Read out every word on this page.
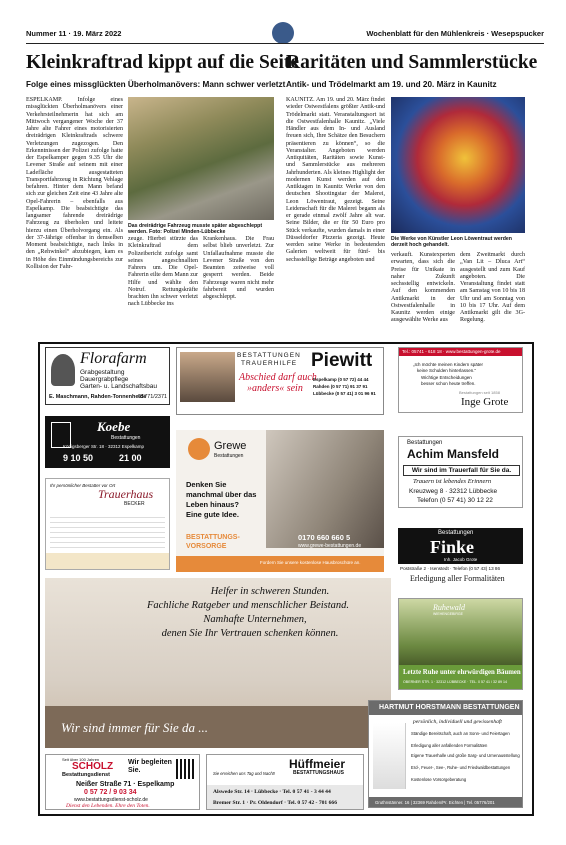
Nummer 11 · 19. März 2022	Wochenblatt für den Mühlenkreis · Wesерspucker
Kleinkraftrad kippt auf die Seite
Folge eines missglückten Überholmanövers: Mann schwer verletzt
ESPELKAMP. Infolge eines missglückten Überholmanövers einer Verkehrsteilnehmerin hat sich am Mittwoch vergangener Woche der 37 Jahre alte Fahrer eines motorisierten dreirädrigen Kleinkraftrads schwere Verletzungen zugezogen. Den Erkenntnissen der Polizei zufolge hatte der Espelkamper gegen 9.35 Uhr die Levener Straße auf seinem mit einer Ladefläche ausgestatteten Transportfahrzeug in Richtung Vehlage befahren. Hinter dem Mann befand sich zur gleichen Zeit eine 43 Jahre alte Opel-Fahrerin – ebenfalls aus Espelkamp. Die beabsichtigte das langsamer fahrende dreirädrige Fahrzeug zu überholen und leitete hierzu einen Überholvorgang ein. Als der 37-Jährige offenbar in demselben Moment beabsichtigte, nach links in den „Rehwinkel“ abzubiegen, kam es in Höhe des Einmündungsbereichs zur Kollision der Fahr-
Das dreirädrige Fahrzeug musste später abgeschleppt werden. Foto: Polizei Minden-Lübbecke
zeuge. Hierbei stürzte das Kleinkraftrad dem Polizeibericht zufolge samt seines angeschnallten Fahrers um. Die Opel-Fahrerin eilte dem Mann zur Hilfe und wählte den Notruf. Rettungskräfte brachten ihn schwer verletzt nach Lübbecke ins
Krankenhaus. Die Frau selbst blieb unverletzt. Zur Unfallaufnahme musste die Levener Straße von den Beamten zeitweise voll gesperrt werden. Beide Fahrzeuge waren nicht mehr fahrbereit und wurden abgeschleppt.
Raritäten und Sammlerstücke
Antik- und Trödelmarkt am 19. und 20. März in Kaunitz
KAUNITZ. Am 19. und 20. März findet wieder Ostwestfalens größter Antik-und Trödelmarkt statt. Veranstaltungsort ist die Ostwestfalenhalle Kaunitz. „Viele Händler aus dem In- und Ausland freuen sich, Ihre Schätze den Besuchern präsentieren zu können“, so die Veranstalter. Angeboten werden Antiquitäten, Raritäten sowie Kunst- und Sammlerstücke aus mehreren Jahrhunderten. Als kleines Highlight der modernen Kunst werden auf den Antiktagen in Kaunitz Werke von den deutschen Shootingstar der Malerei, Leon Löwentraut, gezeigt. Seine Leidenschaft für die Malerei begann als er gerade einmal zwölf Jahre alt war. Seine Bilder, die er für 50 Euro pro Stück verkaufte, wurden damals in einer Düsseldorfer Pizzeria gezeigt. Heute werden seine Werke in bedeutenden Galerien weltweit für fünf- bis sechsstellige Beträge angeboten und
Die Werke von Künstler Leon Löwentraut werden derzeit hoch gehandelt.
verkauft. Kunstexperten erwarten, dass sich die Preise für Unikate in naher Zukunft sechsstellig entwickeln. Auf den kommenden Antikmarkt in der Ostwestfalenhalle in Kaunitz werden einige ausgewählte Werke aus
dem Zweitmarkt durch „Van Lit – Dluca Art“ ausgestellt und zum Kauf angeboten. Die Veranstaltung findet statt am Samstag von 10 bis 18 Uhr und am Sonntag von 10 bis 17 Uhr. Auf dem Antikmarkt gilt die 3G-Regelung.
Florafarm
Grabgestaltung
Dauergrabpflege
Garten- u. Landschaftsbau
E. Maschmann, Rahden-Tonnenheide
05771/2371
BESTATTUNGEN
TRAUERHILFE Piewitt
Abschied darf auch
»anders« sein
Espelkamp (0 57 72) 44 44
Rahden (0 57 71) 91 37 91
Lübbecke (0 57 41) 3 01 96 91
Tel.: 05741 - 618 18 · www.bestattungen-grote.de
„Ich möchte meinen Kindern später
keine Schulden hinterlassen.“
Wichtige Entscheidungen
besser schon heute treffen.
Bestattungen seit 1858
Inge Grote
Koebe
Bestattungen
Königsberger Str. 18 · 32312 Espelkamp
9 10 50	21 00
Bestattungen
Achim Mansfeld
Wir sind im Trauerfall für Sie da.
Trauern ist lebendes Erinnern
Kreuzweg 8 · 32312 Lübbecke
Telefon (0 57 41) 30 12 22
Ihr persönlicher Bestatter vor Ort
Trauerhaus
BECKER
Grewe
Bestattungen
Denken Sie
manchmal über das
Leben hinaus?
Eine gute Idee.
BESTATTUNGS-
VORSORGE
0170 660 660 5
www.grewe-bestattungen.de
Fordern Sie unsere kostenlose Hausbroschüre an.
Bestattungen
Finke
Inh. Jacob Grote
Poststraße 2 · Isenstedt · Telefon (0 57 43) 13 86
Erledigung aller Formalitäten
Helfer in schweren Stunden.
Fachliche Ratgeber und menschlicher Beistand.
Namhafte Unternehmen,
denen Sie Ihr Vertrauen schenken können.
Wir sind immer für Sie da ...
Ruhewald
WIEHENGEBIRGE
Letzte Ruhe unter ehrwürdigen Bäumen
OBERNER STR. 1 · 32312 LÜBBECKE · TEL. 0 57 41 / 32 89 14
HARTMUT HORSTMANN BESTATTUNGEN
persönlich, individuell und gewissenhaft
Ständige Bereitschaft, auch an Sonn- und Feiertagen
Erledigung aller anfallenden Formalitäten
Eigene Trauerhalle und große Sarg- und Urnenausstellung
Erd-, Feuer-, See-, Ruhe- und Friedwaldbestattungen
Kostenlose Vorsorgeberatung
Gruthnstänner. 16 | 32369 Rahden/Pr. Eichten | Tel. 05776/201
Seit über 100 Jahren
SCHOLZ
Bestattungsdienst
Wir begleiten Sie.
Neißer Straße 71 · Espelkamp
0 57 72 / 9 03 34
www.bestattungsdienst-scholz.de
Dienst den Lebenden. Ehre den Toten.
Sie erreichen uns Tag und Nacht!
Hüffmeier
BESTATTUNGSHAUS
Alswede Str. 14 · Lübbecke · Tel. 0 57 41 - 3 44 44
Bremer Str. 1 · Pr. Oldendorf · Tel. 0 57 42 - 701 666
